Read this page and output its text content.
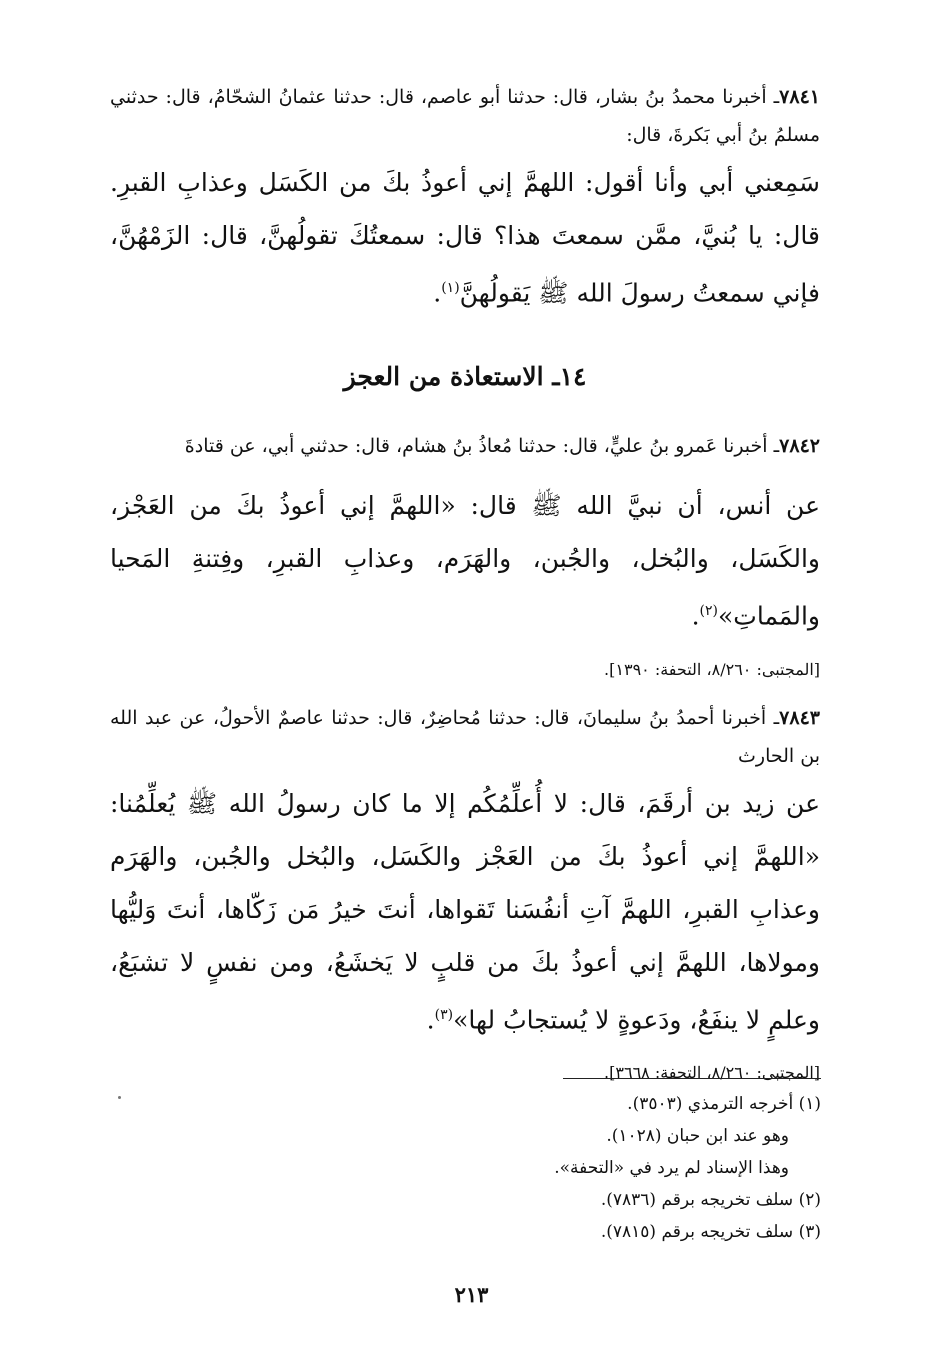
٧٨٤١ـ أخبرنا محمدُ بنُ بشار، قال: حدثنا أبو عاصم، قال: حدثنا عثمانُ الشحّامُ، قال: حدثني مسلمُ بنُ أبي بَكرةَ، قال:
سَمِعني أبي وأنا أقول: اللهمَّ إني أعوذُ بكَ من الكَسَل وعذابِ القبرِ. قال: يا بُنيَّ، ممَّن سمعتَ هذا؟ قال: سمعتُكَ تقولُهنَّ، قال: الزَمْهُنَّ، فإني سمعتُ رسولَ الله ﷺ يَقولُهنَّ$^{(١)}$.
١٤ـ الاستعاذة من العجز
٧٨٤٢ـ أخبرنا عَمرو بنُ عليٍّ، قال: حدثنا مُعاذُ بنُ هشام، قال: حدثني أبي، عن قتادةَ
عن أنس، أن نبيَّ الله ﷺ قال: «اللهمَّ إني أعوذُ بكَ من العَجْز، والكَسَل، والبُخل، والجُبن، والهَرَم، وعذابِ القبرِ، وفِتنةِ المَحيا والمَماتِ»$^{(٢)}$.
[المجتبى: ٨/٢٦٠، التحفة: ١٣٩٠].
٧٨٤٣ـ أخبرنا أحمدُ بنُ سليمانَ، قال: حدثنا مُحاضِرٌ، قال: حدثنا عاصمٌ الأحولُ، عن عبد الله بن الحارث
عن زيد بن أرقَمَ، قال: لا أُعلِّمُكُم إلا ما كان رسولُ الله ﷺ يُعلِّمُنا: «اللهمَّ إني أعوذُ بكَ من العَجْز والكَسَل، والبُخل والجُبن، والهَرَم وعذابِ القبرِ، اللهمَّ آتِ أنفُسَنا تَقواها، أنتَ خيرُ مَن زَكّاها، أنتَ وَليُّها ومولاها، اللهمَّ إني أعوذُ بكَ من قلبٍ لا يَخشَعُ، ومن نفسٍ لا تشبَعُ، وعلمٍ لا ينفَعُ، ودَعوةٍ لا يُستجابُ لها»$^{(٣)}$.
[المجتبى: ٨/٢٦٠، التحفة: ٣٦٦٨].
(١) أخرجه الترمذي (٣٥٠٣).
وهو عند ابن حبان (١٠٢٨).
وهذا الإسناد لم يرد في «التحفة».
(٢) سلف تخريجه برقم (٧٨٣٦).
(٣) سلف تخريجه برقم (٧٨١٥).
٢١٣
